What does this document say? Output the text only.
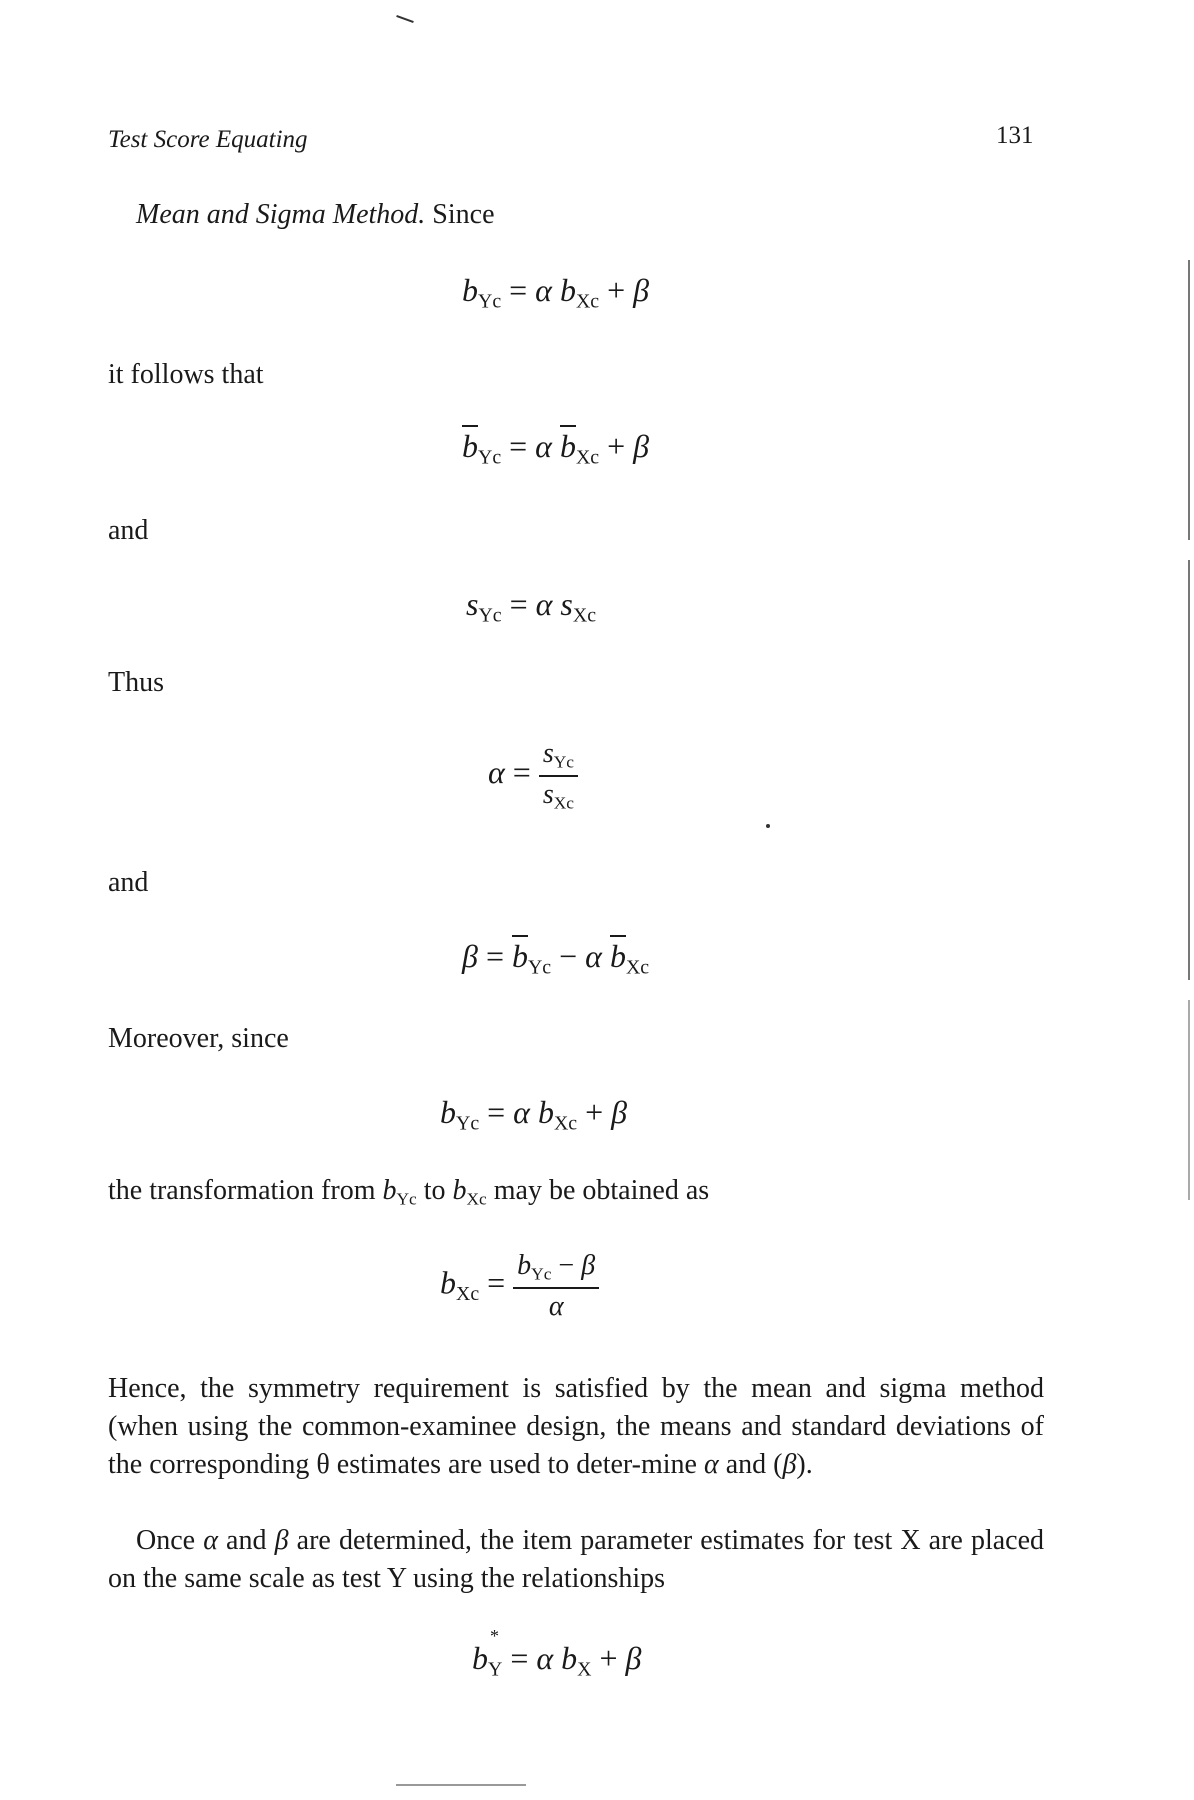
Test Score Equating	131
Mean and Sigma Method. Since
$b_{Yc} = \alpha$ $b_{Xc} + \beta$
it follows that
$b_{Yc} = \alpha$ $b_{Xc} + \beta$
and
$s_{Yc} = \alpha$ $s_{Xc}$
Thus
$\alpha = \frac{s_{Yc}}{s_{Xc}}$
and
$\beta = b_{Yc} - \alpha$ $b_{Xc}$
Moreover, since
$b_{Yc} = \alpha$ $b_{Xc} + \beta$
the transformation from $b_{Yc}$ to $b_{Xc}$ may be obtained as
$b_{Xc} = \frac{b_{Yc} - \beta}{\alpha}$
Hence, the symmetry requirement is satisfied by the mean and sigma method (when using the common-examinee design, the means and standard deviations of the corresponding θ estimates are used to deter-mine α and (β).
Once α and β are determined, the item parameter estimates for test X are placed on the same scale as test Y using the relationships
$b_Y$
*
= α $b_X + \beta$
